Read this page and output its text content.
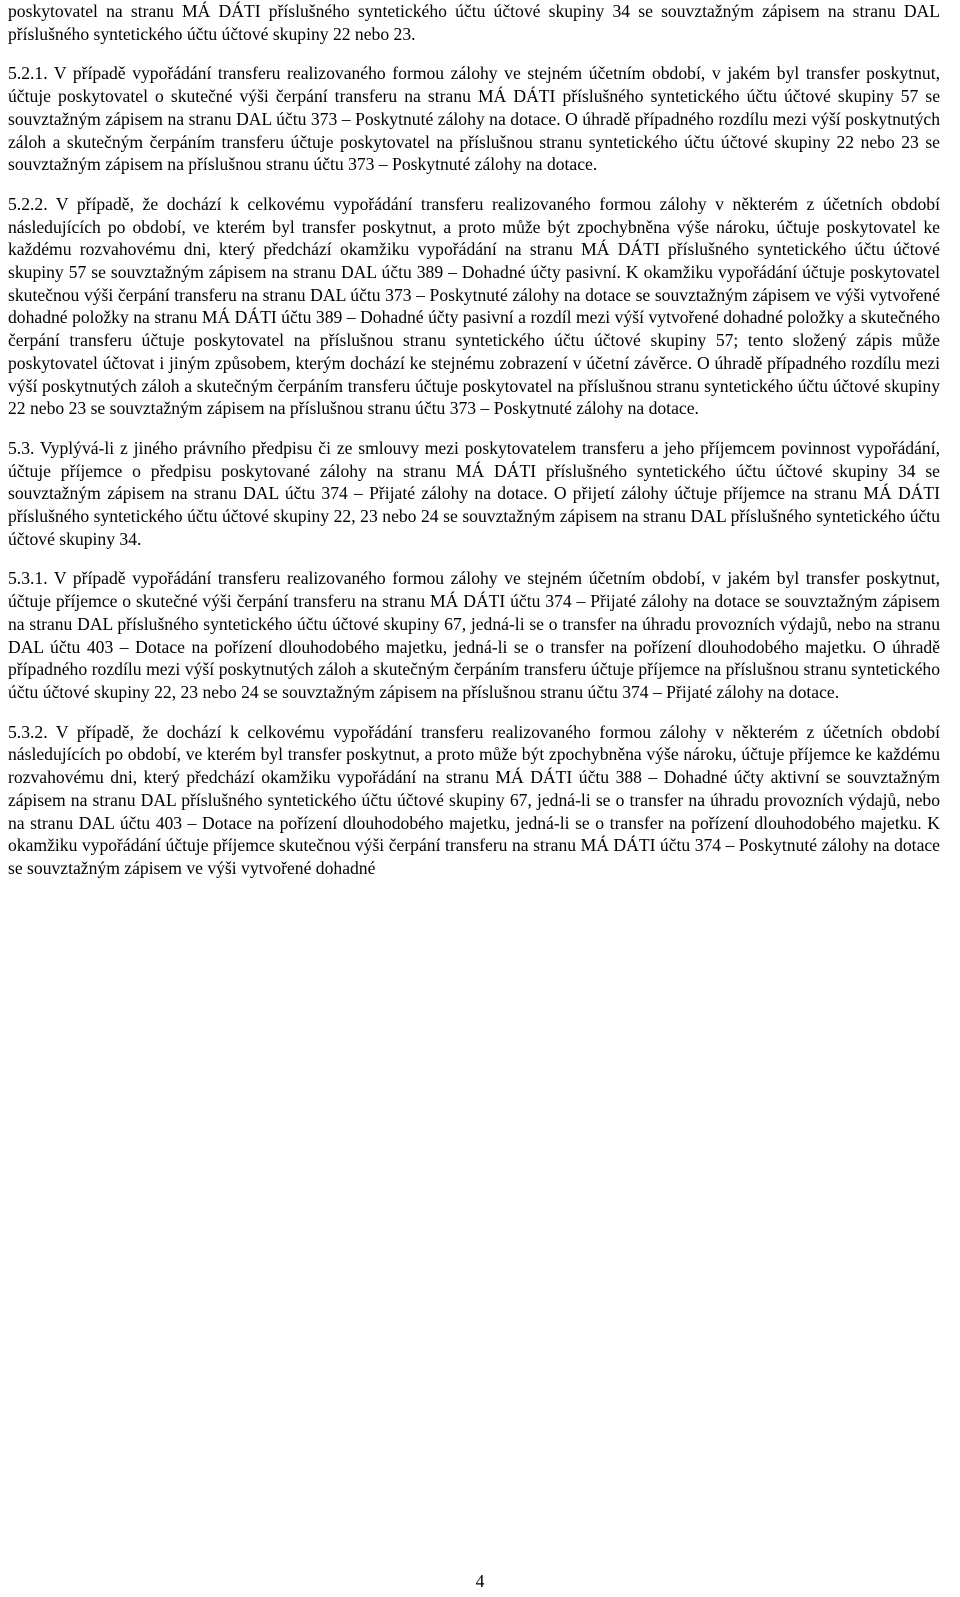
poskytovatel na stranu MÁ DÁTI příslušného syntetického účtu účtové skupiny 34 se souvztažným zápisem na stranu DAL příslušného syntetického účtu účtové skupiny 22 nebo 23.

5.2.1. V případě vypořádání transferu realizovaného formou zálohy ve stejném účetním období, v jakém byl transfer poskytnut, účtuje poskytovatel o skutečné výši čerpání transferu na stranu MÁ DÁTI příslušného syntetického účtu účtové skupiny 57 se souvztažným zápisem na stranu DAL účtu 373 – Poskytnuté zálohy na dotace. O úhradě případného rozdílu mezi výší poskytnutých záloh a skutečným čerpáním transferu účtuje poskytovatel na příslušnou stranu syntetického účtu účtové skupiny 22 nebo 23 se souvztažným zápisem na příslušnou stranu účtu 373 – Poskytnuté zálohy na dotace.

5.2.2. V případě, že dochází k celkovému vypořádání transferu realizovaného formou zálohy v některém z účetních období následujících po období, ve kterém byl transfer poskytnut, a proto může být zpochybněna výše nároku, účtuje poskytovatel ke každému rozvahovému dni, který předchází okamžiku vypořádání na stranu MÁ DÁTI příslušného syntetického účtu účtové skupiny 57 se souvztažným zápisem na stranu DAL účtu 389 – Dohadné účty pasivní. K okamžiku vypořádání účtuje poskytovatel skutečnou výši čerpání transferu na stranu DAL účtu 373 – Poskytnuté zálohy na dotace se souvztažným zápisem ve výši vytvořené dohadné položky na stranu MÁ DÁTI účtu 389 – Dohadné účty pasivní a rozdíl mezi výší vytvořené dohadné položky a skutečného čerpání transferu účtuje poskytovatel na příslušnou stranu syntetického účtu účtové skupiny 57; tento složený zápis může poskytovatel účtovat i jiným způsobem, kterým dochází ke stejnému zobrazení v účetní závěrce. O úhradě případného rozdílu mezi výší poskytnutých záloh a skutečným čerpáním transferu účtuje poskytovatel na příslušnou stranu syntetického účtu účtové skupiny 22 nebo 23 se souvztažným zápisem na příslušnou stranu účtu 373 – Poskytnuté zálohy na dotace.

5.3. Vyplývá-li z jiného právního předpisu či ze smlouvy mezi poskytovatelem transferu a jeho příjemcem povinnost vypořádání, účtuje příjemce o předpisu poskytované zálohy na stranu MÁ DÁTI příslušného syntetického účtu účtové skupiny 34 se souvztažným zápisem na stranu DAL účtu 374 – Přijaté zálohy na dotace. O přijetí zálohy účtuje příjemce na stranu MÁ DÁTI příslušného syntetického účtu účtové skupiny 22, 23 nebo 24 se souvztažným zápisem na stranu DAL příslušného syntetického účtu účtové skupiny 34.

5.3.1. V případě vypořádání transferu realizovaného formou zálohy ve stejném účetním období, v jakém byl transfer poskytnut, účtuje příjemce o skutečné výši čerpání transferu na stranu MÁ DÁTI účtu 374 – Přijaté zálohy na dotace se souvztažným zápisem na stranu DAL příslušného syntetického účtu účtové skupiny 67, jedná-li se o transfer na úhradu provozních výdajů, nebo na stranu DAL účtu 403 – Dotace na pořízení dlouhodobého majetku, jedná-li se o transfer na pořízení dlouhodobého majetku. O úhradě případného rozdílu mezi výší poskytnutých záloh a skutečným čerpáním transferu účtuje příjemce na příslušnou stranu syntetického účtu účtové skupiny 22, 23 nebo 24 se souvztažným zápisem na příslušnou stranu účtu 374 – Přijaté zálohy na dotace.

5.3.2. V případě, že dochází k celkovému vypořádání transferu realizovaného formou zálohy v některém z účetních období následujících po období, ve kterém byl transfer poskytnut, a proto může být zpochybněna výše nároku, účtuje příjemce ke každému rozvahovému dni, který předchází okamžiku vypořádání na stranu MÁ DÁTI účtu 388 – Dohadné účty aktivní se souvztažným zápisem na stranu DAL příslušného syntetického účtu účtové skupiny 67, jedná-li se o transfer na úhradu provozních výdajů, nebo na stranu DAL účtu 403 – Dotace na pořízení dlouhodobého majetku, jedná-li se o transfer na pořízení dlouhodobého majetku. K okamžiku vypořádání účtuje příjemce skutečnou výši čerpání transferu na stranu MÁ DÁTI účtu 374 – Poskytnuté zálohy na dotace se souvztažným zápisem ve výši vytvořené dohadné

4
